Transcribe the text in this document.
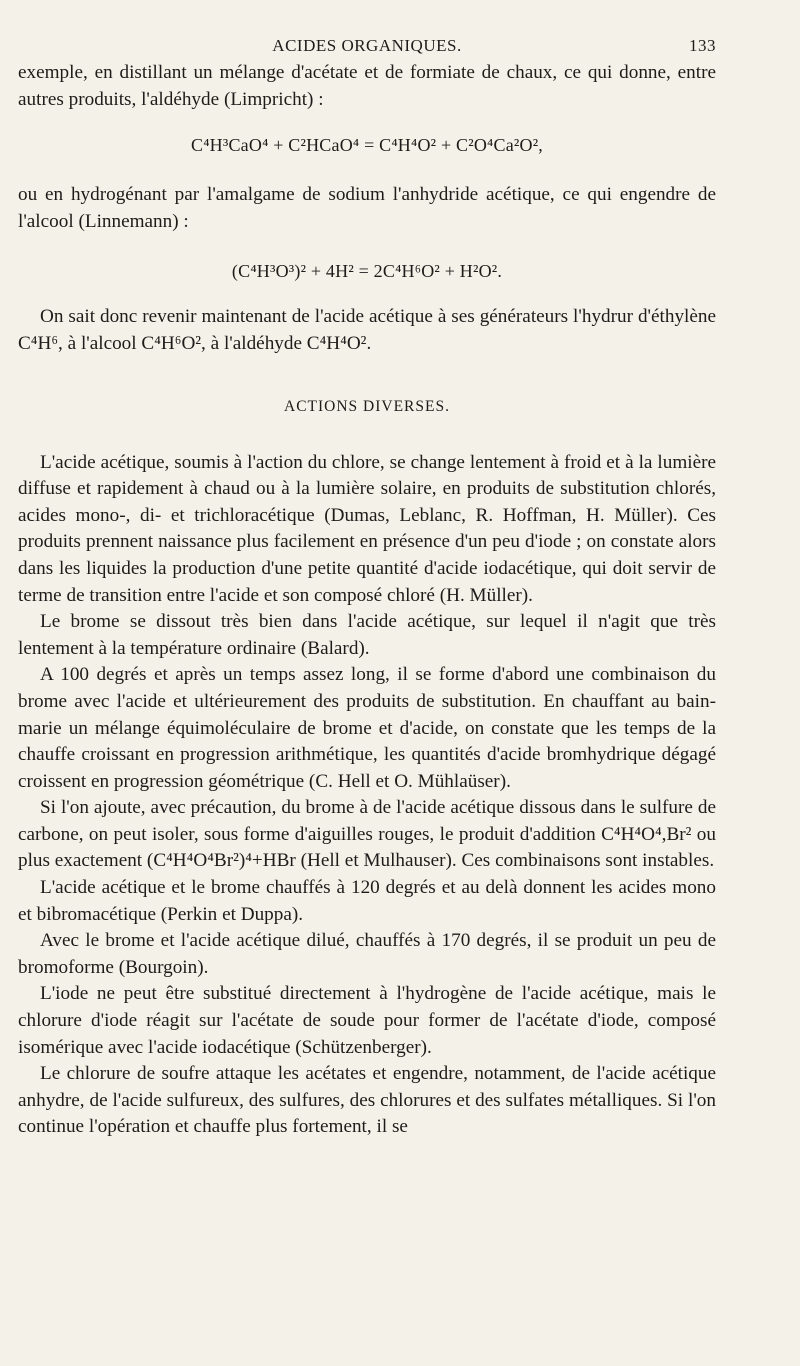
ACIDES ORGANIQUES.	133

exemple, en distillant un mélange d'acétate et de formiate de chaux, ce qui donne, entre autres produits, l'aldéhyde (Limpricht) :

C⁴H³CaO⁴ + C²HCaO⁴ = C⁴H⁴O² + C²O⁴Ca²O²,

ou en hydrogénant par l'amalgame de sodium l'anhydride acétique, ce qui engendre de l'alcool (Linnemann) :

(C⁴H³O³)² + 4H² = 2C⁴H⁶O² + H²O².

On sait donc revenir maintenant de l'acide acétique à ses générateurs l'hydrur d'éthylène C⁴H⁶, à l'alcool C⁴H⁶O², à l'aldéhyde C⁴H⁴O².

ACTIONS DIVERSES.

L'acide acétique, soumis à l'action du chlore, se change lentement à froid et à la lumière diffuse et rapidement à chaud ou à la lumière solaire, en produits de substitution chlorés, acides mono-, di- et trichloracétique (Dumas, Leblanc, R. Hoffman, H. Müller). Ces produits prennent naissance plus facilement en présence d'un peu d'iode ; on constate alors dans les liquides la production d'une petite quantité d'acide iodacétique, qui doit servir de terme de transition entre l'acide et son composé chloré (H. Müller).

Le brome se dissout très bien dans l'acide acétique, sur lequel il n'agit que très lentement à la température ordinaire (Balard).

A 100 degrés et après un temps assez long, il se forme d'abord une combinaison du brome avec l'acide et ultérieurement des produits de substitution. En chauffant au bain-marie un mélange équimoléculaire de brome et d'acide, on constate que les temps de la chauffe croissant en progression arithmétique, les quantités d'acide bromhydrique dégagé croissent en progression géométrique (C. Hell et O. Mühlaüser).

Si l'on ajoute, avec précaution, du brome à de l'acide acétique dissous dans le sulfure de carbone, on peut isoler, sous forme d'aiguilles rouges, le produit d'addition C⁴H⁴O⁴,Br² ou plus exactement (C⁴H⁴O⁴Br²)⁴+HBr (Hell et Mulhauser). Ces combinaisons sont instables.

L'acide acétique et le brome chauffés à 120 degrés et au delà donnent les acides mono et bibromacétique (Perkin et Duppa).

Avec le brome et l'acide acétique dilué, chauffés à 170 degrés, il se produit un peu de bromoforme (Bourgoin).

L'iode ne peut être substitué directement à l'hydrogène de l'acide acétique, mais le chlorure d'iode réagit sur l'acétate de soude pour former de l'acétate d'iode, composé isomérique avec l'acide iodacétique (Schützenberger).

Le chlorure de soufre attaque les acétates et engendre, notamment, de l'acide acétique anhydre, de l'acide sulfureux, des sulfures, des chlorures et des sulfates métalliques. Si l'on continue l'opération et chauffe plus fortement, il se
